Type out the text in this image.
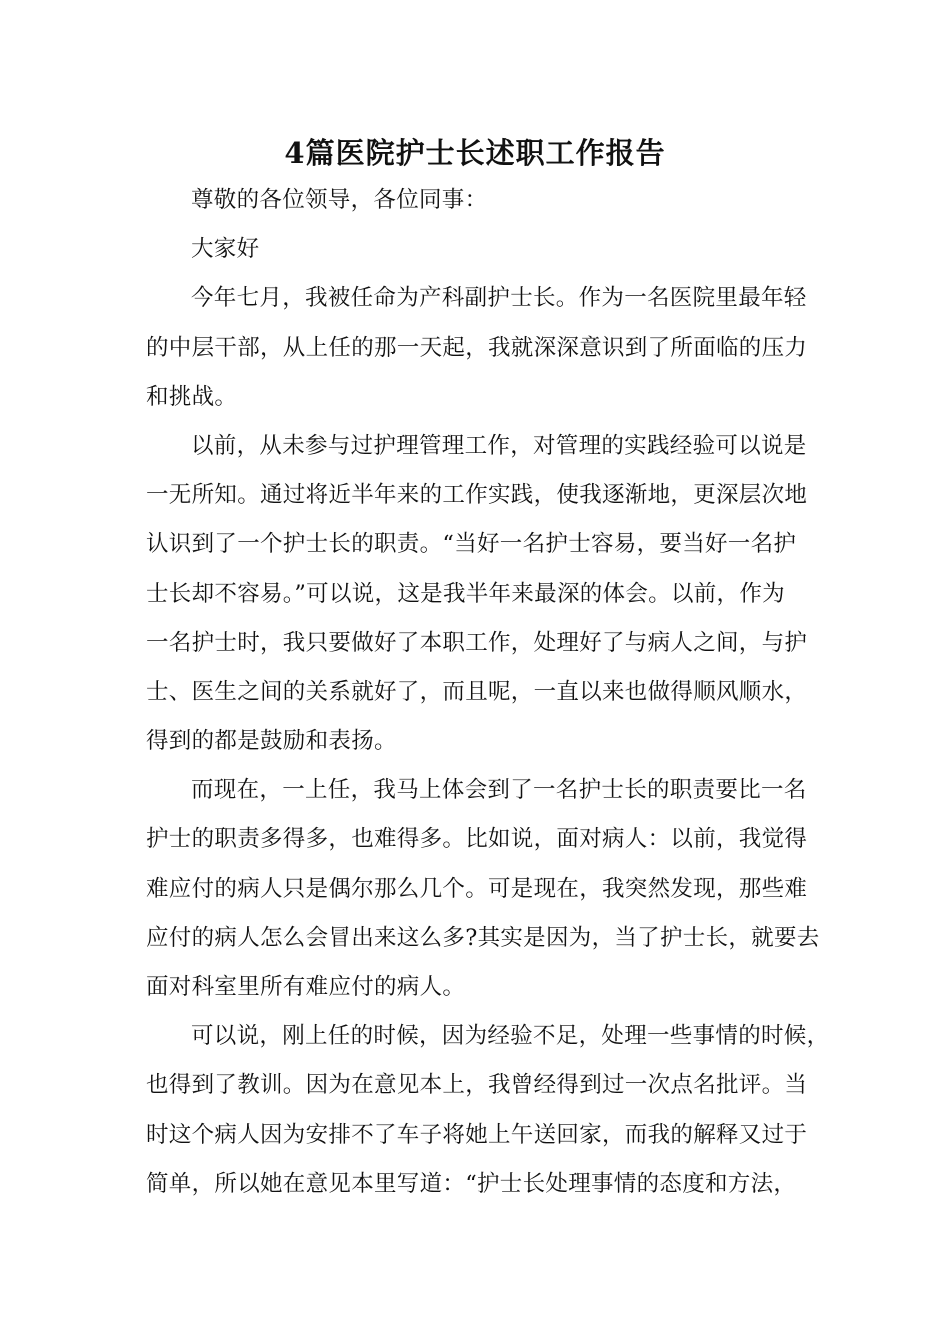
4篇医院护士长述职工作报告
尊敬的各位领导，各位同事：
大家好
今年七月，我被任命为产科副护士长。作为一名医院里最年轻
的中层干部，从上任的那一天起，我就深深意识到了所面临的压力
和挑战。
以前，从未参与过护理管理工作，对管理的实践经验可以说是
一无所知。通过将近半年来的工作实践，使我逐渐地，更深层次地
认识到了一个护士长的职责。“当好一名护士容易，要当好一名护
士长却不容易。”可以说，这是我半年来最深的体会。以前，作为
一名护士时，我只要做好了本职工作，处理好了与病人之间，与护
士、医生之间的关系就好了，而且呢，一直以来也做得顺风顺水，
得到的都是鼓励和表扬。
而现在，一上任，我马上体会到了一名护士长的职责要比一名
护士的职责多得多，也难得多。比如说，面对病人：以前，我觉得
难应付的病人只是偶尔那么几个。可是现在，我突然发现，那些难
应付的病人怎么会冒出来这么多?其实是因为，当了护士长，就要去
面对科室里所有难应付的病人。
可以说，刚上任的时候，因为经验不足，处理一些事情的时候，
也得到了教训。因为在意见本上，我曾经得到过一次点名批评。当
时这个病人因为安排不了车子将她上午送回家，而我的解释又过于
简单，所以她在意见本里写道：“护士长处理事情的态度和方法，
